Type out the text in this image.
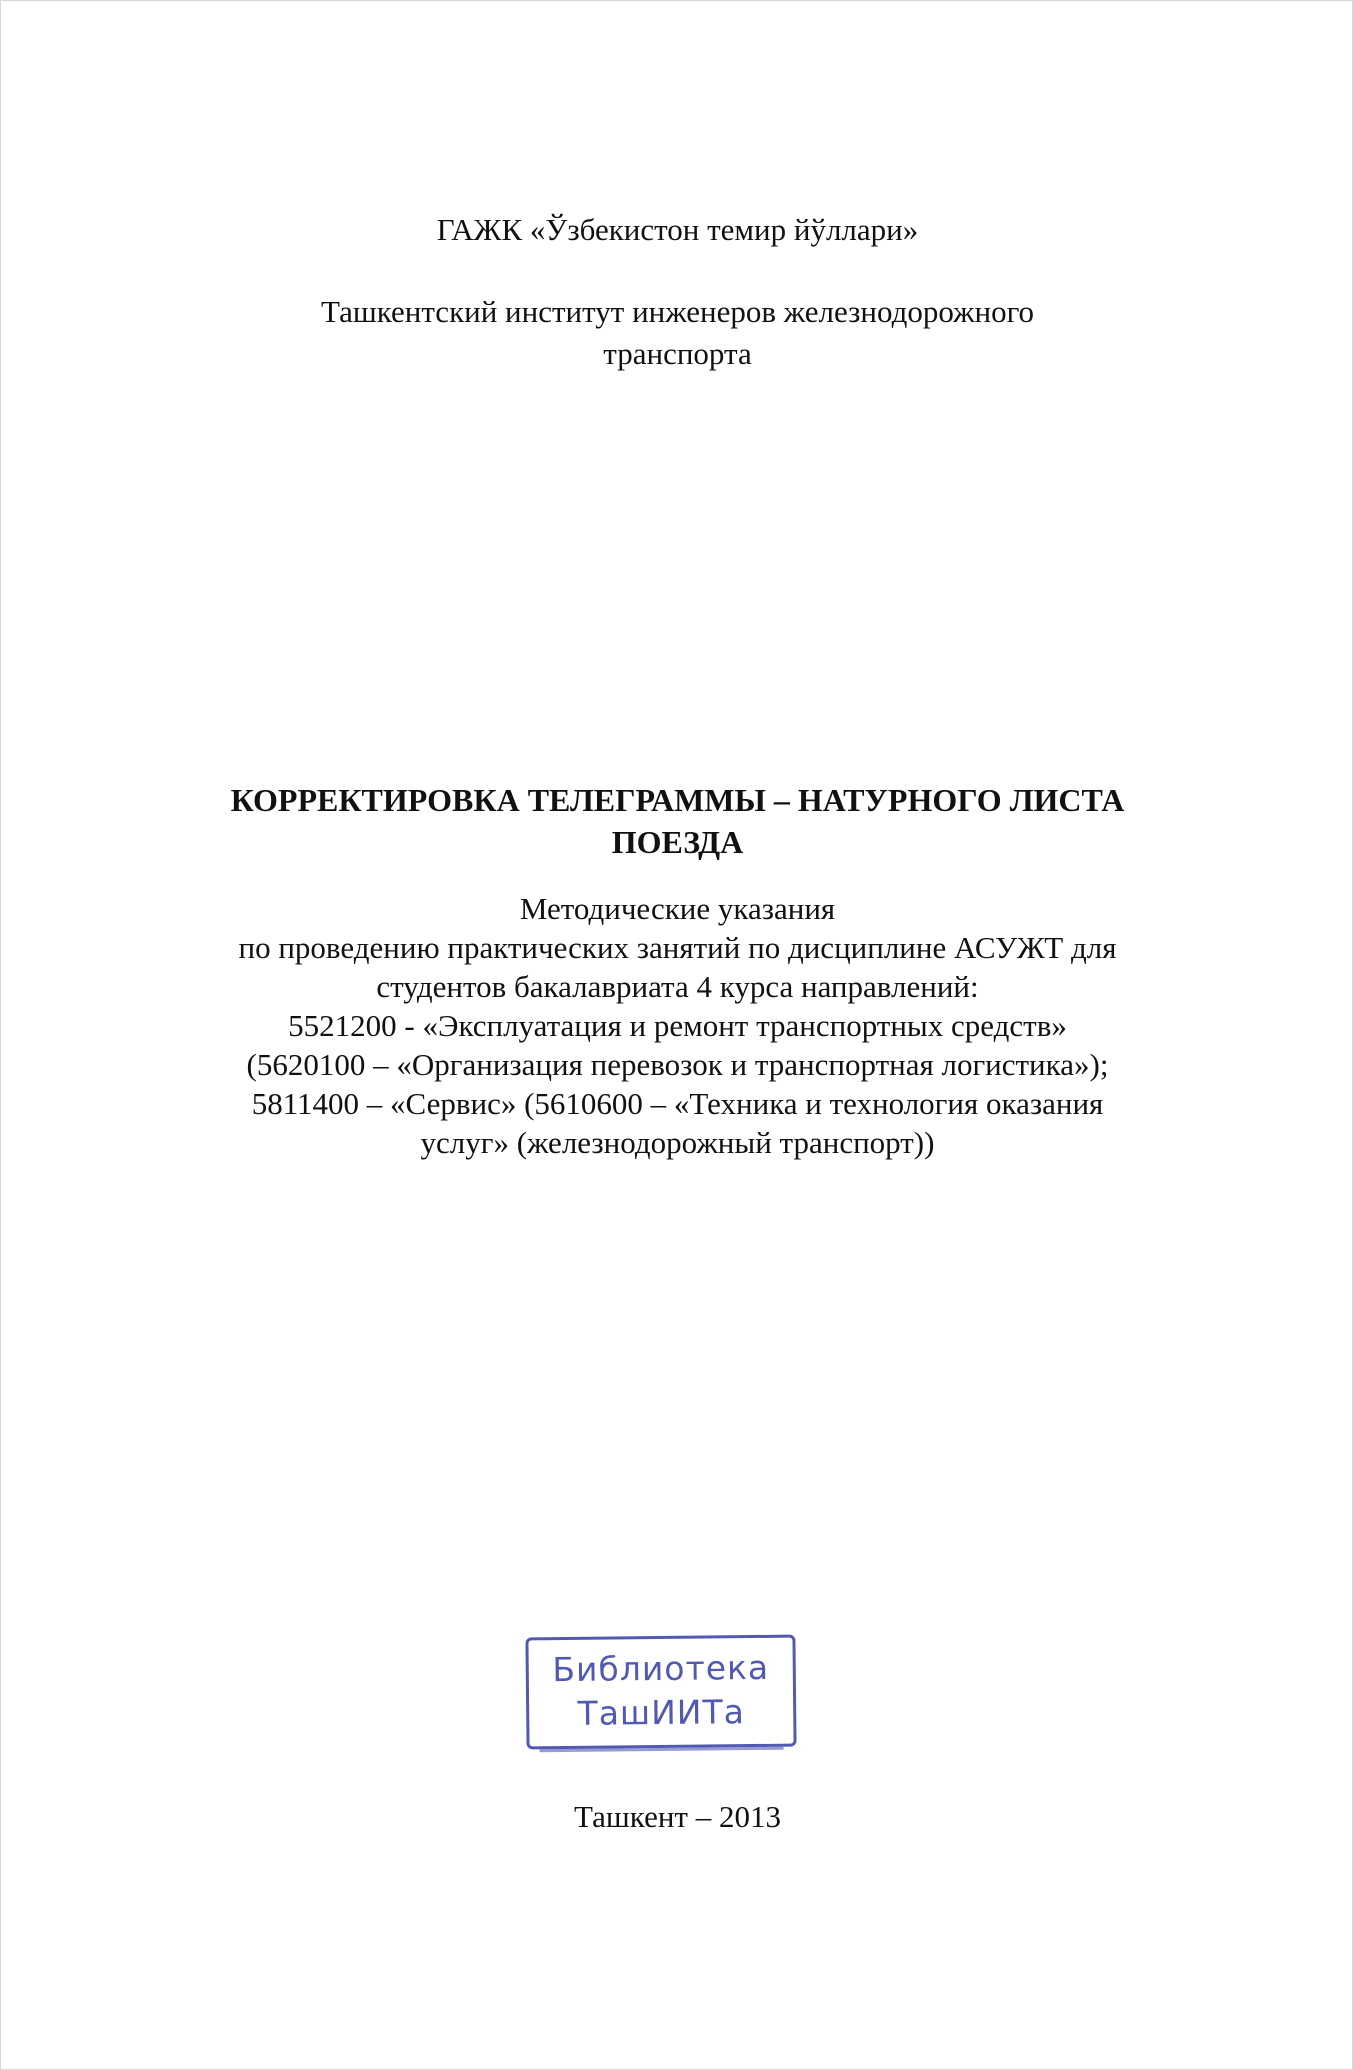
ГАЖК «Ўзбекистон темир йўллари»
Ташкентский институт инженеров железнодорожного
транспорта
КОРРЕКТИРОВКА ТЕЛЕГРАММЫ – НАТУРНОГО ЛИСТА
ПОЕЗДА
Методические указания
по проведению практических занятий по дисциплине АСУЖТ для
студентов бакалавриата 4 курса направлений:
5521200 - «Эксплуатация и ремонт транспортных средств»
(5620100 – «Организация перевозок и транспортная логистика»);
5811400 – «Сервис» (5610600 – «Техника и технология оказания
услуг» (железнодорожный транспорт))
Библиотека
ТашИИТа
Ташкент – 2013
